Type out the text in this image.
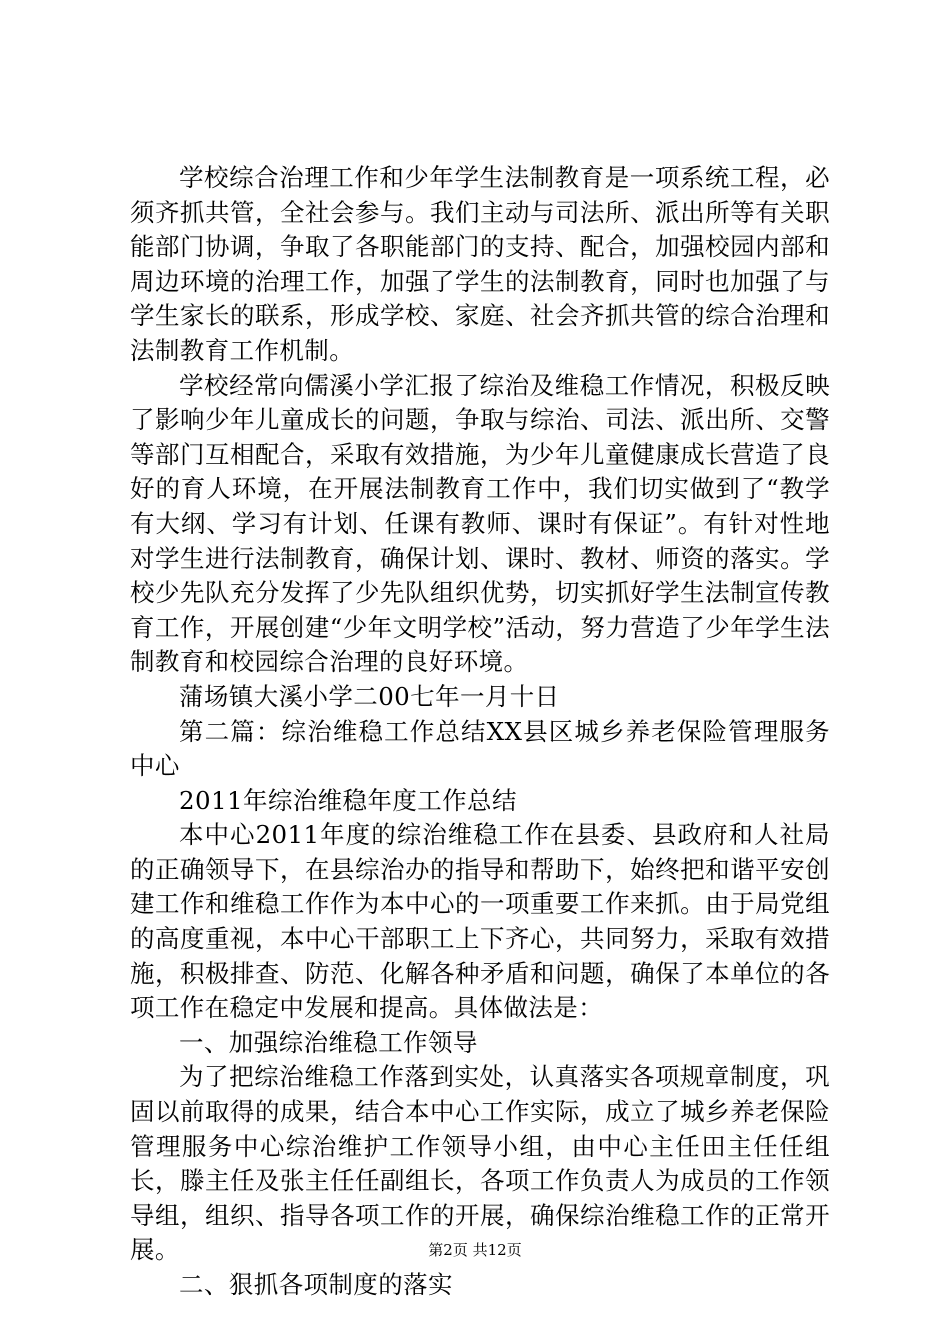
学校综合治理工作和少年学生法制教育是一项系统工程，必须齐抓共管，全社会参与。我们主动与司法所、派出所等有关职能部门协调，争取了各职能部门的支持、配合，加强校园内部和周边环境的治理工作，加强了学生的法制教育，同时也加强了与学生家长的联系，形成学校、家庭、社会齐抓共管的综合治理和法制教育工作机制。

学校经常向儒溪小学汇报了综治及维稳工作情况，积极反映了影响少年儿童成长的问题，争取与综治、司法、派出所、交警等部门互相配合，采取有效措施，为少年儿童健康成长营造了良好的育人环境，在开展法制教育工作中，我们切实做到了“教学有大纲、学习有计划、任课有教师、课时有保证”。有针对性地对学生进行法制教育，确保计划、课时、教材、师资的落实。学校少先队充分发挥了少先队组织优势，切实抓好学生法制宣传教育工作，开展创建“少年文明学校”活动，努力营造了少年学生法制教育和校园综合治理的良好环境。

蒲场镇大溪小学二00七年一月十日

第二篇：综治维稳工作总结XX县区城乡养老保险管理服务中心

2011年综治维稳年度工作总结

本中心2011年度的综治维稳工作在县委、县政府和人社局的正确领导下，在县综治办的指导和帮助下，始终把和谐平安创建工作和维稳工作作为本中心的一项重要工作来抓。由于局党组的高度重视，本中心干部职工上下齐心，共同努力，采取有效措施，积极排查、防范、化解各种矛盾和问题，确保了本单位的各项工作在稳定中发展和提高。具体做法是：

一、加强综治维稳工作领导

为了把综治维稳工作落到实处，认真落实各项规章制度，巩固以前取得的成果，结合本中心工作实际，成立了城乡养老保险管理服务中心综治维护工作领导小组，由中心主任田主任任组长，滕主任及张主任任副组长，各项工作负责人为成员的工作领导组，组织、指导各项工作的开展，确保综治维稳工作的正常开展。

二、狠抓各项制度的落实

第2页 共12页
